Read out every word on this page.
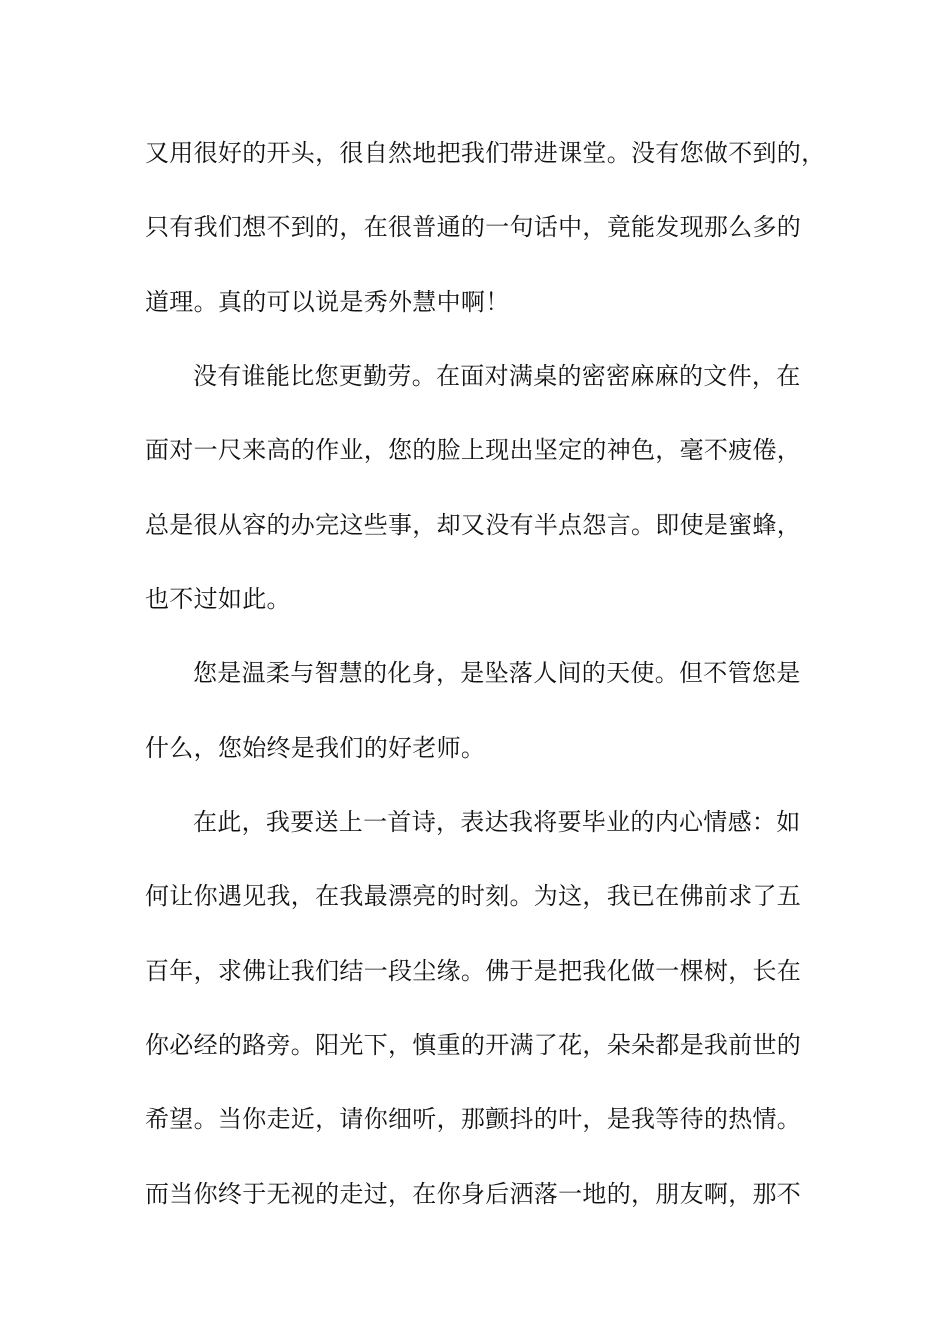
又用很好的开头，很自然地把我们带进课堂。没有您做不到的，
只有我们想不到的，在很普通的一句话中，竟能发现那么多的
道理。真的可以说是秀外慧中啊！
没有谁能比您更勤劳。在面对满桌的密密麻麻的文件，在
面对一尺来高的作业，您的脸上现出坚定的神色，毫不疲倦，
总是很从容的办完这些事，却又没有半点怨言。即使是蜜蜂，
也不过如此。
您是温柔与智慧的化身，是坠落人间的天使。但不管您是
什么，您始终是我们的好老师。
在此，我要送上一首诗，表达我将要毕业的内心情感：如
何让你遇见我，在我最漂亮的时刻。为这，我已在佛前求了五
百年，求佛让我们结一段尘缘。佛于是把我化做一棵树，长在
你必经的路旁。阳光下，慎重的开满了花，朵朵都是我前世的
希望。当你走近，请你细听，那颤抖的叶，是我等待的热情。
而当你终于无视的走过，在你身后洒落一地的，朋友啊，那不
